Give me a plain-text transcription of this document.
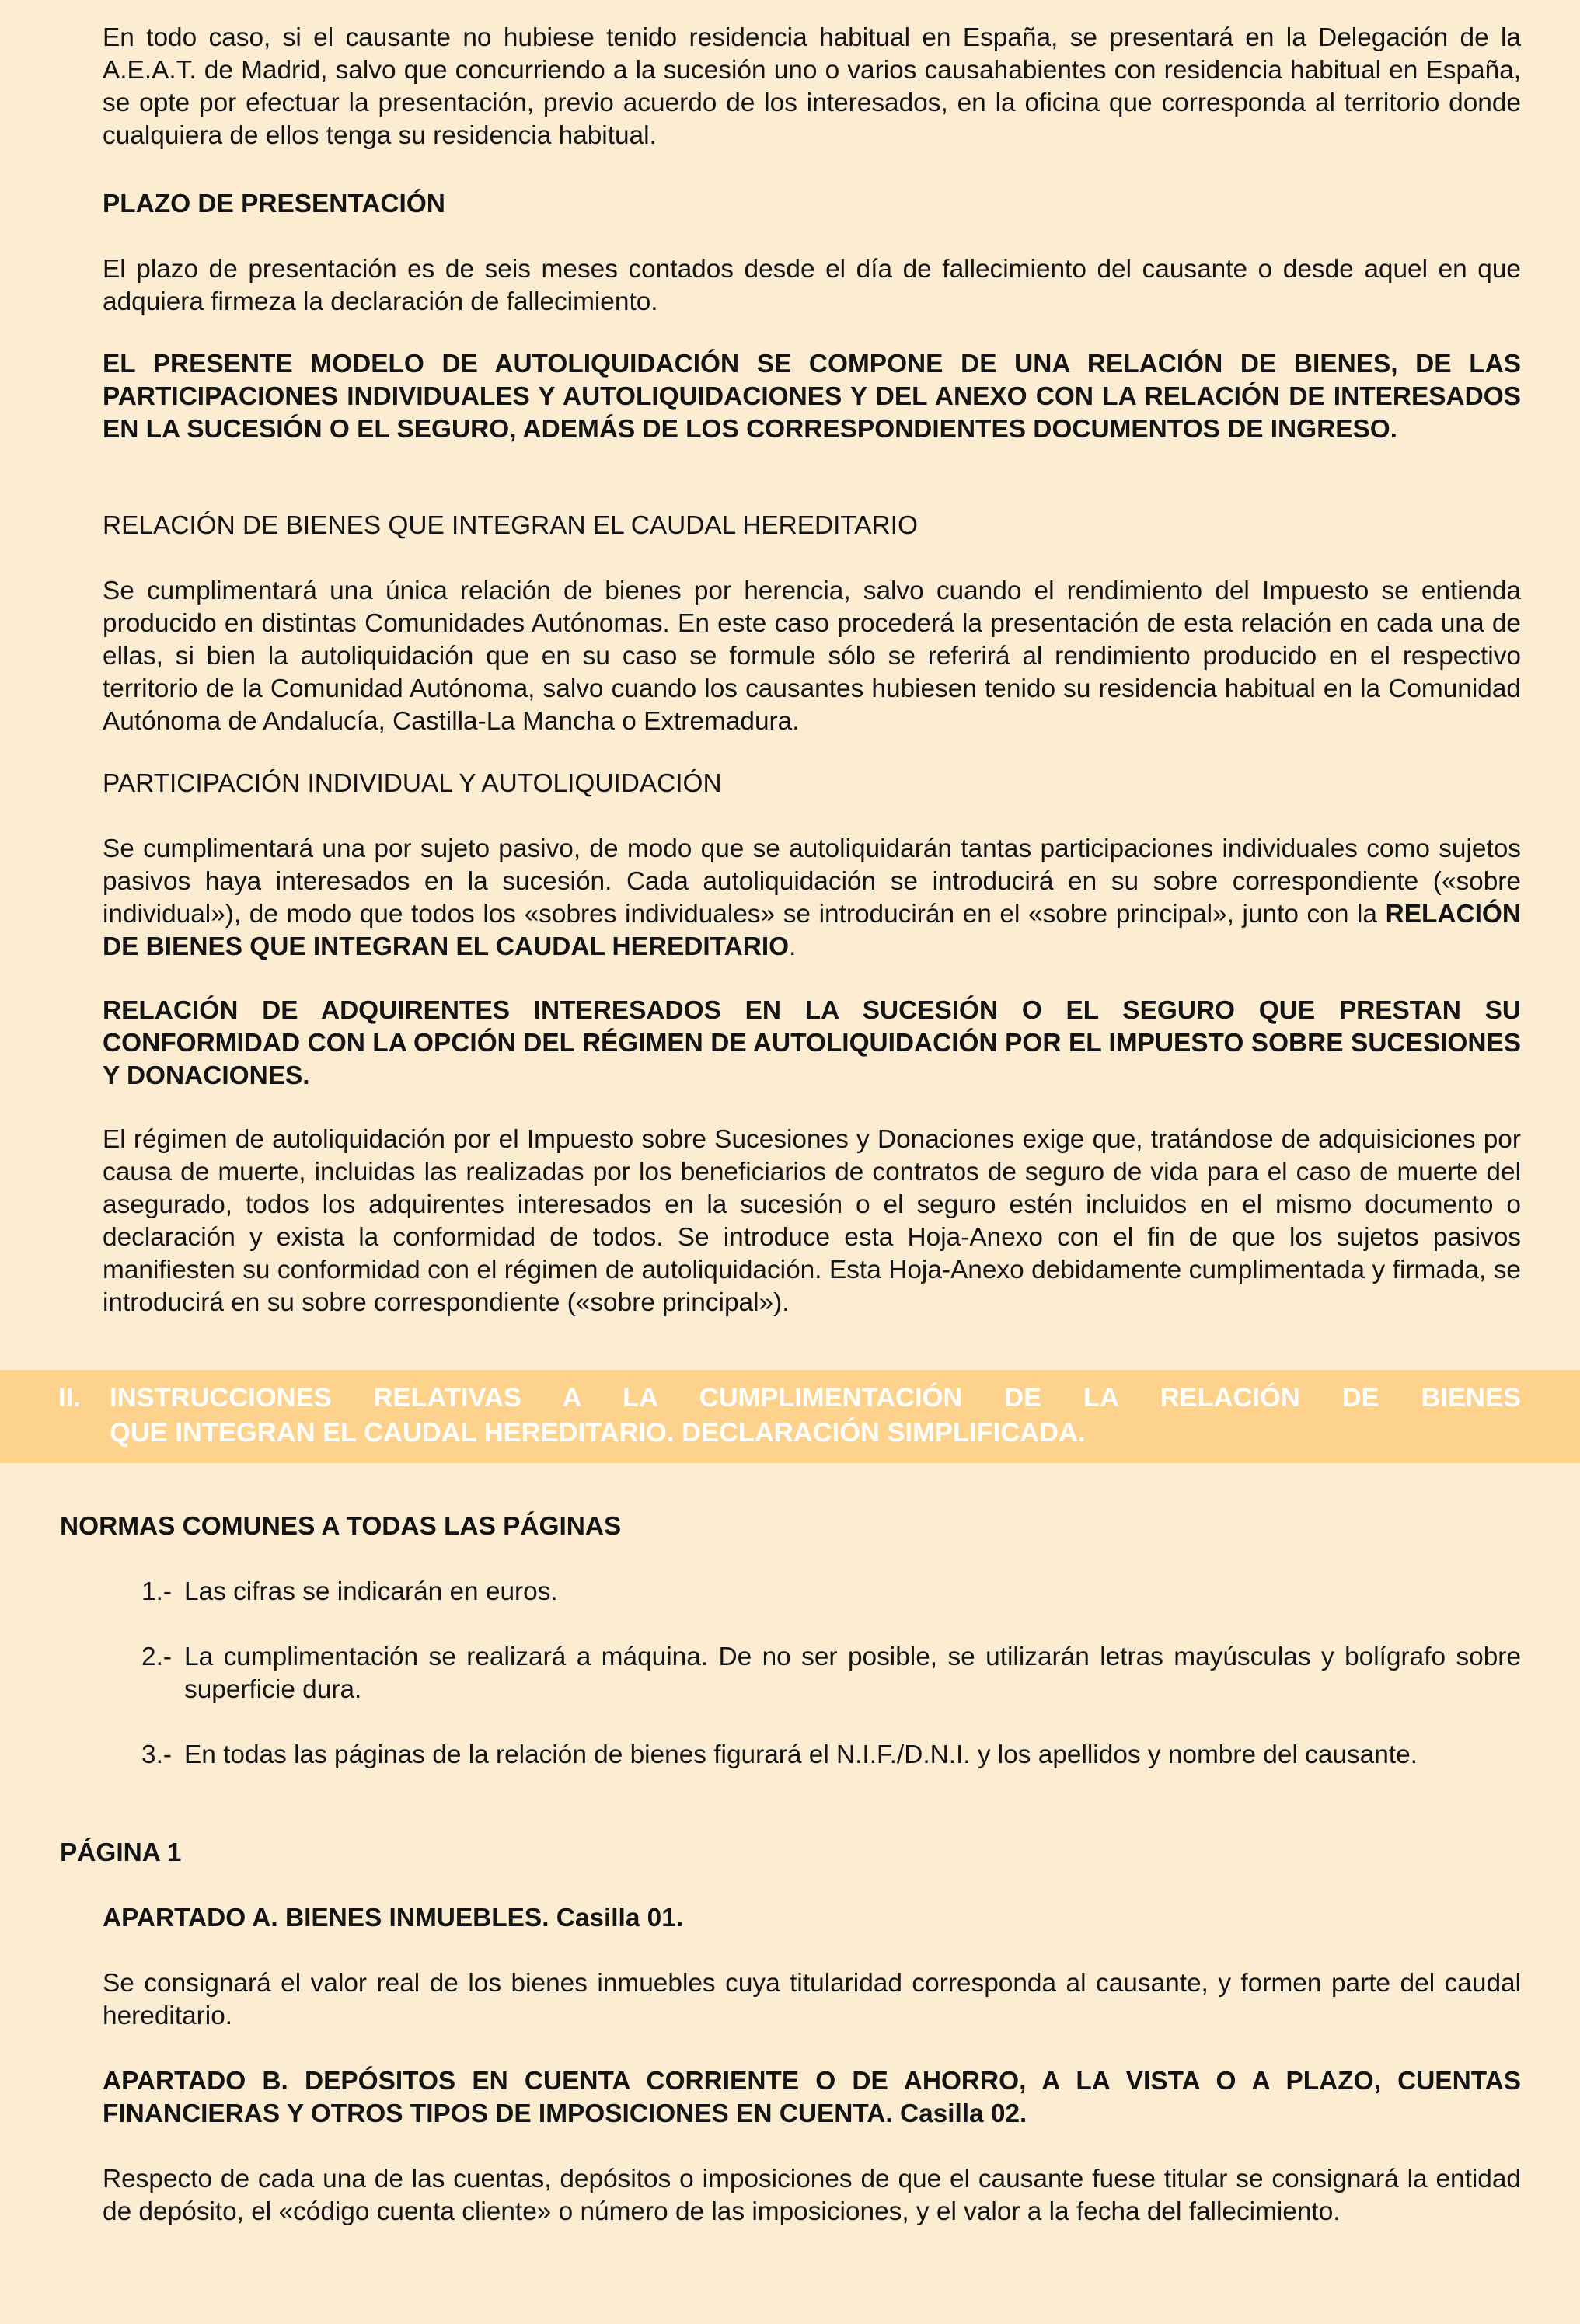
En todo caso, si el causante no hubiese tenido residencia habitual en España, se presentará en la Delegación de la A.E.A.T. de Madrid, salvo que concurriendo a la sucesión uno o varios causahabientes con residencia habitual en España, se opte por efectuar la presentación, previo acuerdo de los interesados, en la oficina que corresponda al territorio donde cualquiera de ellos tenga su residencia habitual.

PLAZO DE PRESENTACIÓN

El plazo de presentación es de seis meses contados desde el día de fallecimiento del causante o desde aquel en que adquiera firmeza la declaración de fallecimiento.

EL PRESENTE MODELO DE AUTOLIQUIDACIÓN SE COMPONE DE UNA RELACIÓN DE BIENES, DE LAS PARTICIPACIONES INDIVIDUALES Y AUTOLIQUIDACIONES Y DEL ANEXO CON LA RELACIÓN DE INTERESADOS EN LA SUCESIÓN O EL SEGURO, ADEMÁS DE LOS CORRESPONDIENTES DOCUMENTOS DE INGRESO.
RELACIÓN DE BIENES QUE INTEGRAN EL CAUDAL HEREDITARIO

Se cumplimentará una única relación de bienes por herencia, salvo cuando el rendimiento del Impuesto se entienda producido en distintas Comunidades Autónomas. En este caso procederá la presentación de esta relación en cada una de ellas, si bien la autoliquidación que en su caso se formule sólo se referirá al rendimiento producido en el respectivo territorio de la Comunidad Autónoma, salvo cuando los causantes hubiesen tenido su residencia habitual en la Comunidad Autónoma de Andalucía, Castilla-La Mancha o Extremadura.

PARTICIPACIÓN INDIVIDUAL Y AUTOLIQUIDACIÓN

Se cumplimentará una por sujeto pasivo, de modo que se autoliquidarán tantas participaciones individuales como sujetos pasivos haya interesados en la sucesión. Cada autoliquidación se introducirá en su sobre correspondiente («sobre individual»), de modo que todos los «sobres individuales» se introducirán en el «sobre principal», junto con la RELACIÓN DE BIENES QUE INTEGRAN EL CAUDAL HEREDITARIO.

RELACIÓN DE ADQUIRENTES INTERESADOS EN LA SUCESIÓN O EL SEGURO QUE PRESTAN SU CONFORMIDAD CON LA OPCIÓN DEL RÉGIMEN DE AUTOLIQUIDACIÓN POR EL IMPUESTO SOBRE SUCESIONES Y DONACIONES.

El régimen de autoliquidación por el Impuesto sobre Sucesiones y Donaciones exige que, tratándose de adquisiciones por causa de muerte, incluidas las realizadas por los beneficiarios de contratos de seguro de vida para el caso de muerte del asegurado, todos los adquirentes interesados en la sucesión o el seguro estén incluidos en el mismo documento o declaración y exista la conformidad de todos. Se introduce esta Hoja-Anexo con el fin de que los sujetos pasivos manifiesten su conformidad con el régimen de autoliquidación. Esta Hoja-Anexo debidamente cumplimentada y firmada, se introducirá en su sobre correspondiente («sobre principal»).

II. INSTRUCCIONES RELATIVAS A LA CUMPLIMENTACIÓN DE LA RELACIÓN DE BIENES
QUE INTEGRAN EL CAUDAL HEREDITARIO. DECLARACIÓN SIMPLIFICADA.
NORMAS COMUNES A TODAS LAS PÁGINAS
1.- Las cifras se indicarán en euros.
2.- La cumplimentación se realizará a máquina. De no ser posible, se utilizarán letras mayúsculas y bolígrafo sobre superficie dura.
3.- En todas las páginas de la relación de bienes figurará el N.I.F./D.N.I. y los apellidos y nombre del causante.
PÁGINA 1
APARTADO A. BIENES INMUEBLES. Casilla 01.

Se consignará el valor real de los bienes inmuebles cuya titularidad corresponda al causante, y formen parte del caudal hereditario.

APARTADO B. DEPÓSITOS EN CUENTA CORRIENTE O DE AHORRO, A LA VISTA O A PLAZO, CUENTAS FINANCIERAS Y OTROS TIPOS DE IMPOSICIONES EN CUENTA. Casilla 02.

Respecto de cada una de las cuentas, depósitos o imposiciones de que el causante fuese titular se consignará la entidad de depósito, el «código cuenta cliente» o número de las imposiciones, y el valor a la fecha del fallecimiento.
